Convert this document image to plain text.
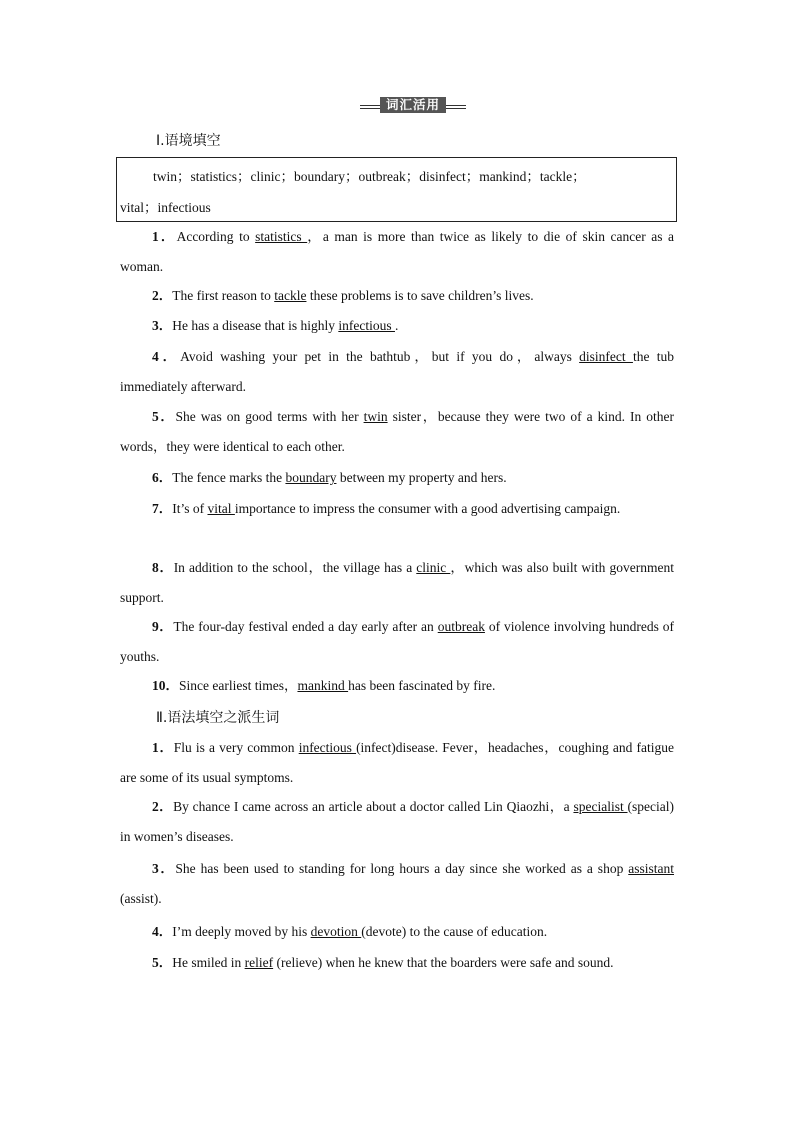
词汇活用
Ⅰ.语境填空
twin；statistics；clinic；boundary；outbreak；disinfect；mankind；tackle；
vital；infectious
1．According to statistics ，a man is more than twice as likely to die of skin cancer as a woman.
2．The first reason to tackle these problems is to save children’s lives.
3．He has a disease that is highly infectious .
4．Avoid washing your pet in the bathtub，but if you do，always disinfect the tub immediately afterward.
5．She was on good terms with her twin sister，because they were two of a kind. In other words，they were identical to each other.
6．The fence marks the boundary between my property and hers.
7．It’s of vital importance to impress the consumer with a good advertising campaign.
8．In addition to the school，the village has a clinic ，which was also built with government support.
9．The four-day festival ended a day early after an outbreak of violence involving hundreds of youths.
10．Since earliest times，mankind has been fascinated by fire.
Ⅱ.语法填空之派生词
1．Flu is a very common infectious (infect)disease. Fever，headaches，coughing and fatigue are some of its usual symptoms.
2．By chance I came across an article about a doctor called Lin Qiaozhi，a specialist (special) in women’s diseases.
3．She has been used to standing for long hours a day since she worked as a shop assistant (assist).
4．I’m deeply moved by his devotion (devote) to the cause of education.
5．He smiled in relief (relieve) when he knew that the boarders were safe and sound.
